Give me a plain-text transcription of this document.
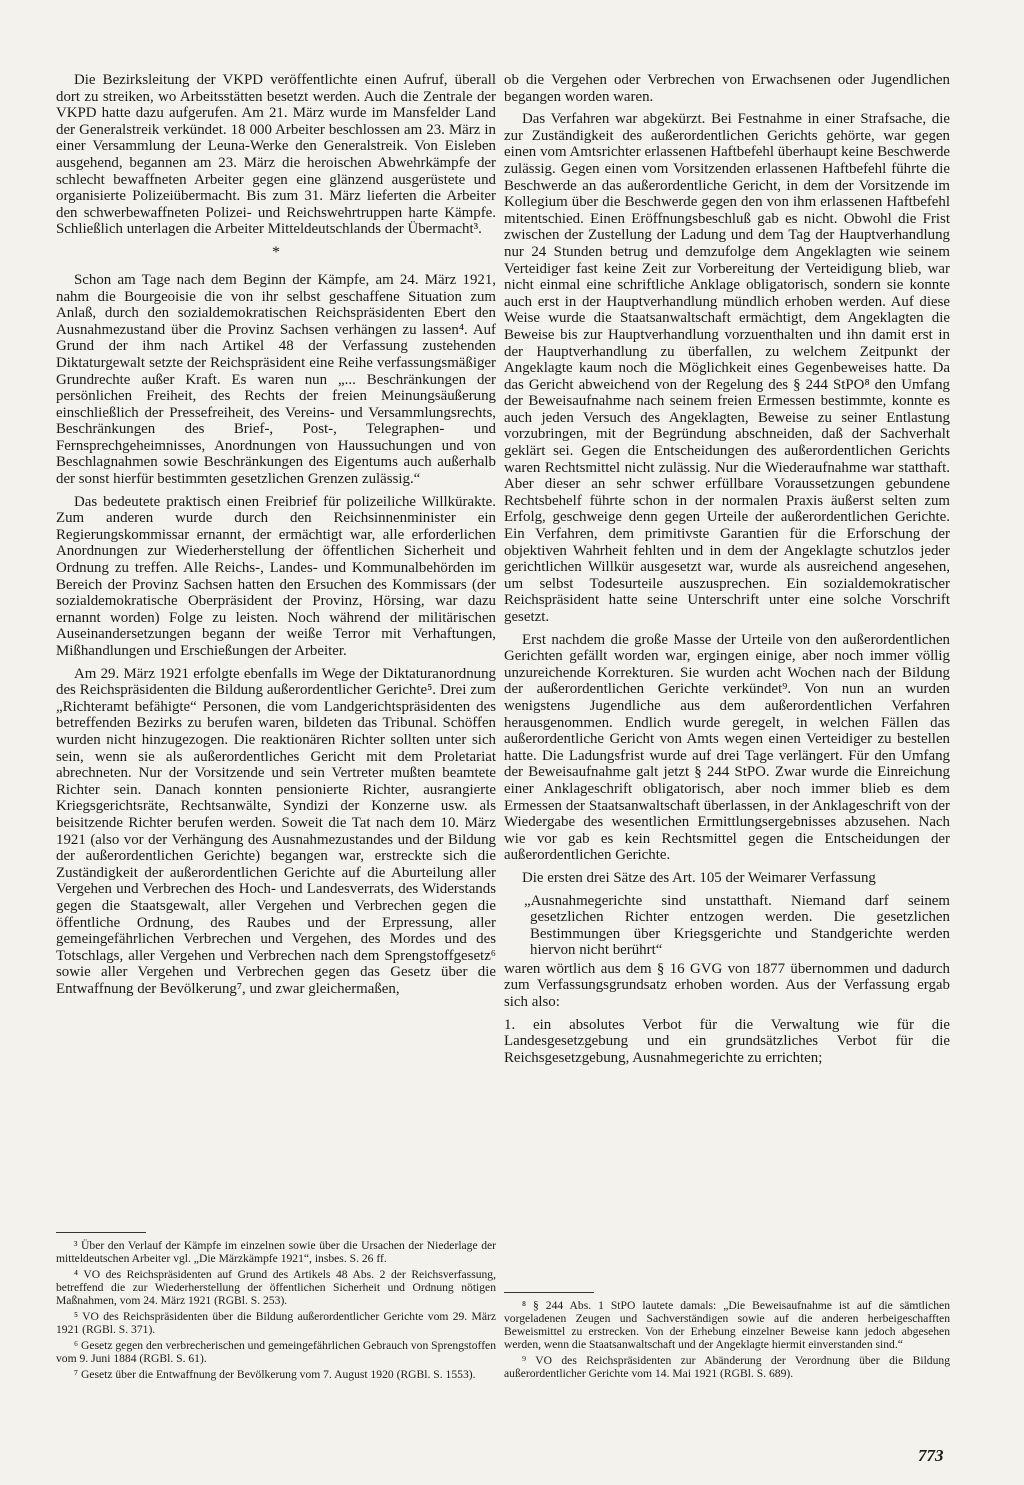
Die Bezirksleitung der VKPD veröffentlichte einen Aufruf, überall dort zu streiken, wo Arbeitsstätten besetzt werden. Auch die Zentrale der VKPD hatte dazu aufgerufen. Am 21. März wurde im Mansfelder Land der Generalstreik verkündet. 18 000 Arbeiter beschlossen am 23. März in einer Versammlung der Leuna-Werke den Generalstreik. Von Eisleben ausgehend, begannen am 23. März die heroischen Abwehrkämpfe der schlecht bewaffneten Arbeiter gegen eine glänzend ausgerüstete und organisierte Polizeiübermacht. Bis zum 31. März lieferten die Arbeiter den schwerbewaffneten Polizei- und Reichswehrtruppen harte Kämpfe. Schließlich unterlagen die Arbeiter Mitteldeutschlands der Übermacht³.

*

Schon am Tage nach dem Beginn der Kämpfe, am 24. März 1921, nahm die Bourgeoisie die von ihr selbst geschaffene Situation zum Anlaß, durch den sozialdemokratischen Reichspräsidenten Ebert den Ausnahmezustand über die Provinz Sachsen verhängen zu lassen⁴. Auf Grund der ihm nach Artikel 48 der Verfassung zustehenden Diktaturgewalt setzte der Reichspräsident eine Reihe verfassungsmäßiger Grundrechte außer Kraft. Es waren nun „... Beschränkungen der persönlichen Freiheit, des Rechts der freien Meinungsäußerung einschließlich der Pressefreiheit, des Vereins- und Versammlungsrechts, Beschränkungen des Brief-, Post-, Telegraphen- und Fernsprechgeheimnisses, Anordnungen von Haussuchungen und von Beschlagnahmen sowie Beschränkungen des Eigentums auch außerhalb der sonst hierfür bestimmten gesetzlichen Grenzen zulässig.“

Das bedeutete praktisch einen Freibrief für polizeiliche Willkürakte. Zum anderen wurde durch den Reichsinnenminister ein Regierungskommissar ernannt, der ermächtigt war, alle erforderlichen Anordnungen zur Wiederherstellung der öffentlichen Sicherheit und Ordnung zu treffen. Alle Reichs-, Landes- und Kommunalbehörden im Bereich der Provinz Sachsen hatten den Ersuchen des Kommissars (der sozialdemokratische Oberpräsident der Provinz, Hörsing, war dazu ernannt worden) Folge zu leisten. Noch während der militärischen Auseinandersetzungen begann der weiße Terror mit Verhaftungen, Mißhandlungen und Erschießungen der Arbeiter.

Am 29. März 1921 erfolgte ebenfalls im Wege der Diktaturanordnung des Reichspräsidenten die Bildung außerordentlicher Gerichte⁵. Drei zum „Richteramt befähigte“ Personen, die vom Landgerichtspräsidenten des betreffenden Bezirks zu berufen waren, bildeten das Tribunal. Schöffen wurden nicht hinzugezogen. Die reaktionären Richter sollten unter sich sein, wenn sie als außerordentliches Gericht mit dem Proletariat abrechneten. Nur der Vorsitzende und sein Vertreter mußten beamtete Richter sein. Danach konnten pensionierte Richter, ausrangierte Kriegsgerichtsräte, Rechtsanwälte, Syndizi der Konzerne usw. als beisitzende Richter berufen werden. Soweit die Tat nach dem 10. März 1921 (also vor der Verhängung des Ausnahmezustandes und der Bildung der außerordentlichen Gerichte) begangen war, erstreckte sich die Zuständigkeit der außerordentlichen Gerichte auf die Aburteilung aller Vergehen und Verbrechen des Hoch- und Landesverrats, des Widerstands gegen die Staatsgewalt, aller Vergehen und Verbrechen gegen die öffentliche Ordnung, des Raubes und der Erpressung, aller gemeingefährlichen Verbrechen und Vergehen, des Mordes und des Totschlags, aller Vergehen und Verbrechen nach dem Sprengstoffgesetz⁶ sowie aller Vergehen und Verbrechen gegen das Gesetz über die Entwaffnung der Bevölkerung⁷, und zwar gleichermaßen,

ob die Vergehen oder Verbrechen von Erwachsenen oder Jugendlichen begangen worden waren.

Das Verfahren war abgekürzt. Bei Festnahme in einer Strafsache, die zur Zuständigkeit des außerordentlichen Gerichts gehörte, war gegen einen vom Amtsrichter erlassenen Haftbefehl überhaupt keine Beschwerde zulässig. Gegen einen vom Vorsitzenden erlassenen Haftbefehl führte die Beschwerde an das außerordentliche Gericht, in dem der Vorsitzende im Kollegium über die Beschwerde gegen den von ihm erlassenen Haftbefehl mitentschied. Einen Eröffnungsbeschluß gab es nicht. Obwohl die Frist zwischen der Zustellung der Ladung und dem Tag der Hauptverhandlung nur 24 Stunden betrug und demzufolge dem Angeklagten wie seinem Verteidiger fast keine Zeit zur Vorbereitung der Verteidigung blieb, war nicht einmal eine schriftliche Anklage obligatorisch, sondern sie konnte auch erst in der Hauptverhandlung mündlich erhoben werden. Auf diese Weise wurde die Staatsanwaltschaft ermächtigt, dem Angeklagten die Beweise bis zur Hauptverhandlung vorzuenthalten und ihn damit erst in der Hauptverhandlung zu überfallen, zu welchem Zeitpunkt der Angeklagte kaum noch die Möglichkeit eines Gegenbeweises hatte. Da das Gericht abweichend von der Regelung des § 244 StPO⁸ den Umfang der Beweisaufnahme nach seinem freien Ermessen bestimmte, konnte es auch jeden Versuch des Angeklagten, Beweise zu seiner Entlastung vorzubringen, mit der Begründung abschneiden, daß der Sachverhalt geklärt sei. Gegen die Entscheidungen des außerordentlichen Gerichts waren Rechtsmittel nicht zulässig. Nur die Wiederaufnahme war statthaft. Aber dieser an sehr schwer erfüllbare Voraussetzungen gebundene Rechtsbehelf führte schon in der normalen Praxis äußerst selten zum Erfolg, geschweige denn gegen Urteile der außerordentlichen Gerichte. Ein Verfahren, dem primitivste Garantien für die Erforschung der objektiven Wahrheit fehlten und in dem der Angeklagte schutzlos jeder gerichtlichen Willkür ausgesetzt war, wurde als ausreichend angesehen, um selbst Todesurteile auszusprechen. Ein sozialdemokratischer Reichspräsident hatte seine Unterschrift unter eine solche Vorschrift gesetzt.

Erst nachdem die große Masse der Urteile von den außerordentlichen Gerichten gefällt worden war, ergingen einige, aber noch immer völlig unzureichende Korrekturen. Sie wurden acht Wochen nach der Bildung der außerordentlichen Gerichte verkündet⁹. Von nun an wurden wenigstens Jugendliche aus dem außerordentlichen Verfahren herausgenommen. Endlich wurde geregelt, in welchen Fällen das außerordentliche Gericht von Amts wegen einen Verteidiger zu bestellen hatte. Die Ladungsfrist wurde auf drei Tage verlängert. Für den Umfang der Beweisaufnahme galt jetzt § 244 StPO. Zwar wurde die Einreichung einer Anklageschrift obligatorisch, aber noch immer blieb es dem Ermessen der Staatsanwaltschaft überlassen, in der Anklageschrift von der Wiedergabe des wesentlichen Ermittlungsergebnisses abzusehen. Nach wie vor gab es kein Rechtsmittel gegen die Entscheidungen der außerordentlichen Gerichte.

Die ersten drei Sätze des Art. 105 der Weimarer Verfassung

„Ausnahmegerichte sind unstatthaft. Niemand darf seinem gesetzlichen Richter entzogen werden. Die gesetzlichen Bestimmungen über Kriegsgerichte und Standgerichte werden hiervon nicht berührt“

waren wörtlich aus dem § 16 GVG von 1877 übernommen und dadurch zum Verfassungsgrundsatz erhoben worden. Aus der Verfassung ergab sich also:

1. ein absolutes Verbot für die Verwaltung wie für die Landesgesetzgebung und ein grundsätzliches Verbot für die Reichsgesetzgebung, Ausnahmegerichte zu errichten;

³ Über den Verlauf der Kämpfe im einzelnen sowie über die Ursachen der Niederlage der mitteldeutschen Arbeiter vgl. „Die Märzkämpfe 1921“, insbes. S. 26 ff.

⁴ VO des Reichspräsidenten auf Grund des Artikels 48 Abs. 2 der Reichsverfassung, betreffend die zur Wiederherstellung der öffentlichen Sicherheit und Ordnung nötigen Maßnahmen, vom 24. März 1921 (RGBl. S. 253).

⁵ VO des Reichspräsidenten über die Bildung außerordentlicher Gerichte vom 29. März 1921 (RGBl. S. 371).

⁶ Gesetz gegen den verbrecherischen und gemeingefährlichen Gebrauch von Sprengstoffen vom 9. Juni 1884 (RGBl. S. 61).

⁷ Gesetz über die Entwaffnung der Bevölkerung vom 7. August 1920 (RGBl. S. 1553).

⁸ § 244 Abs. 1 StPO lautete damals: „Die Beweisaufnahme ist auf die sämtlichen vorgeladenen Zeugen und Sachverständigen sowie auf die anderen herbeigeschafften Beweismittel zu erstrecken. Von der Erhebung einzelner Beweise kann jedoch abgesehen werden, wenn die Staatsanwaltschaft und der Angeklagte hiermit einverstanden sind.“

⁹ VO des Reichspräsidenten zur Abänderung der Verordnung über die Bildung außerordentlicher Gerichte vom 14. Mai 1921 (RGBl. S. 689).

773
